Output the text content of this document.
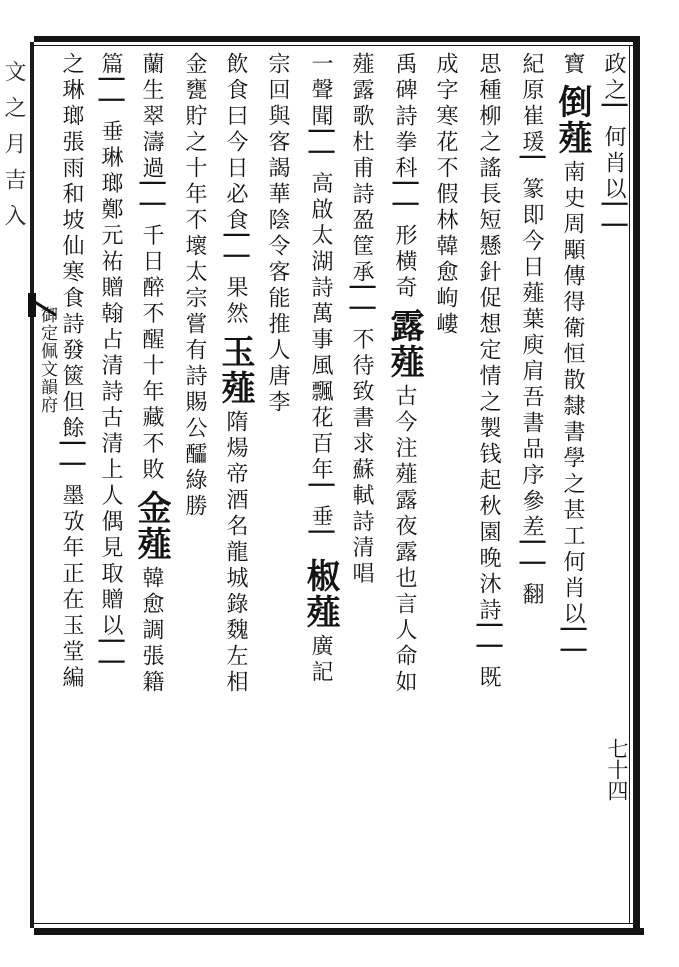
文之月吉入
御定佩文韻府
七十四
政之▏何肖以▏▏
寶
倒薤
南史周顒傳得衛恒散隸書學之甚工何肖以▏▏
紀原崔瑗▏篆即今日薤葉庾肩吾書品序參差▏▏翻
思種柳之謠長短懸針促想定情之製钱起秋園晚沐詩▏▏既
成字寒花不假林韓愈岣嶁
禹碑詩拳科▏▏形横奇
露薤
古今注薤露夜露也言人命如
薤露歌杜甫詩盈筐承▏▏不待致書求蘇軾詩清唱
一聲聞▏▏高啟太湖詩萬事風飄花百年▏垂▏
椒薤
廣記
宗回與客謁華陰令客能推人
唐李
飲食曰今日必食▏▏果然
玉薤
隋煬帝酒名龍城錄魏左相
金甕貯之十年不壞太宗嘗有詩賜公醽綠勝
蘭生翠濤過▏▏千日醉不醒十年藏不敗
金薤
韓愈調張籍
篇▏▏垂琳瑯鄭元祐贈翰占清詩古清上人偶見取贈以▏▏
之琳瑯張雨和坡仙寒食詩發篋但餘▏▏墨攷年正在玉堂編
